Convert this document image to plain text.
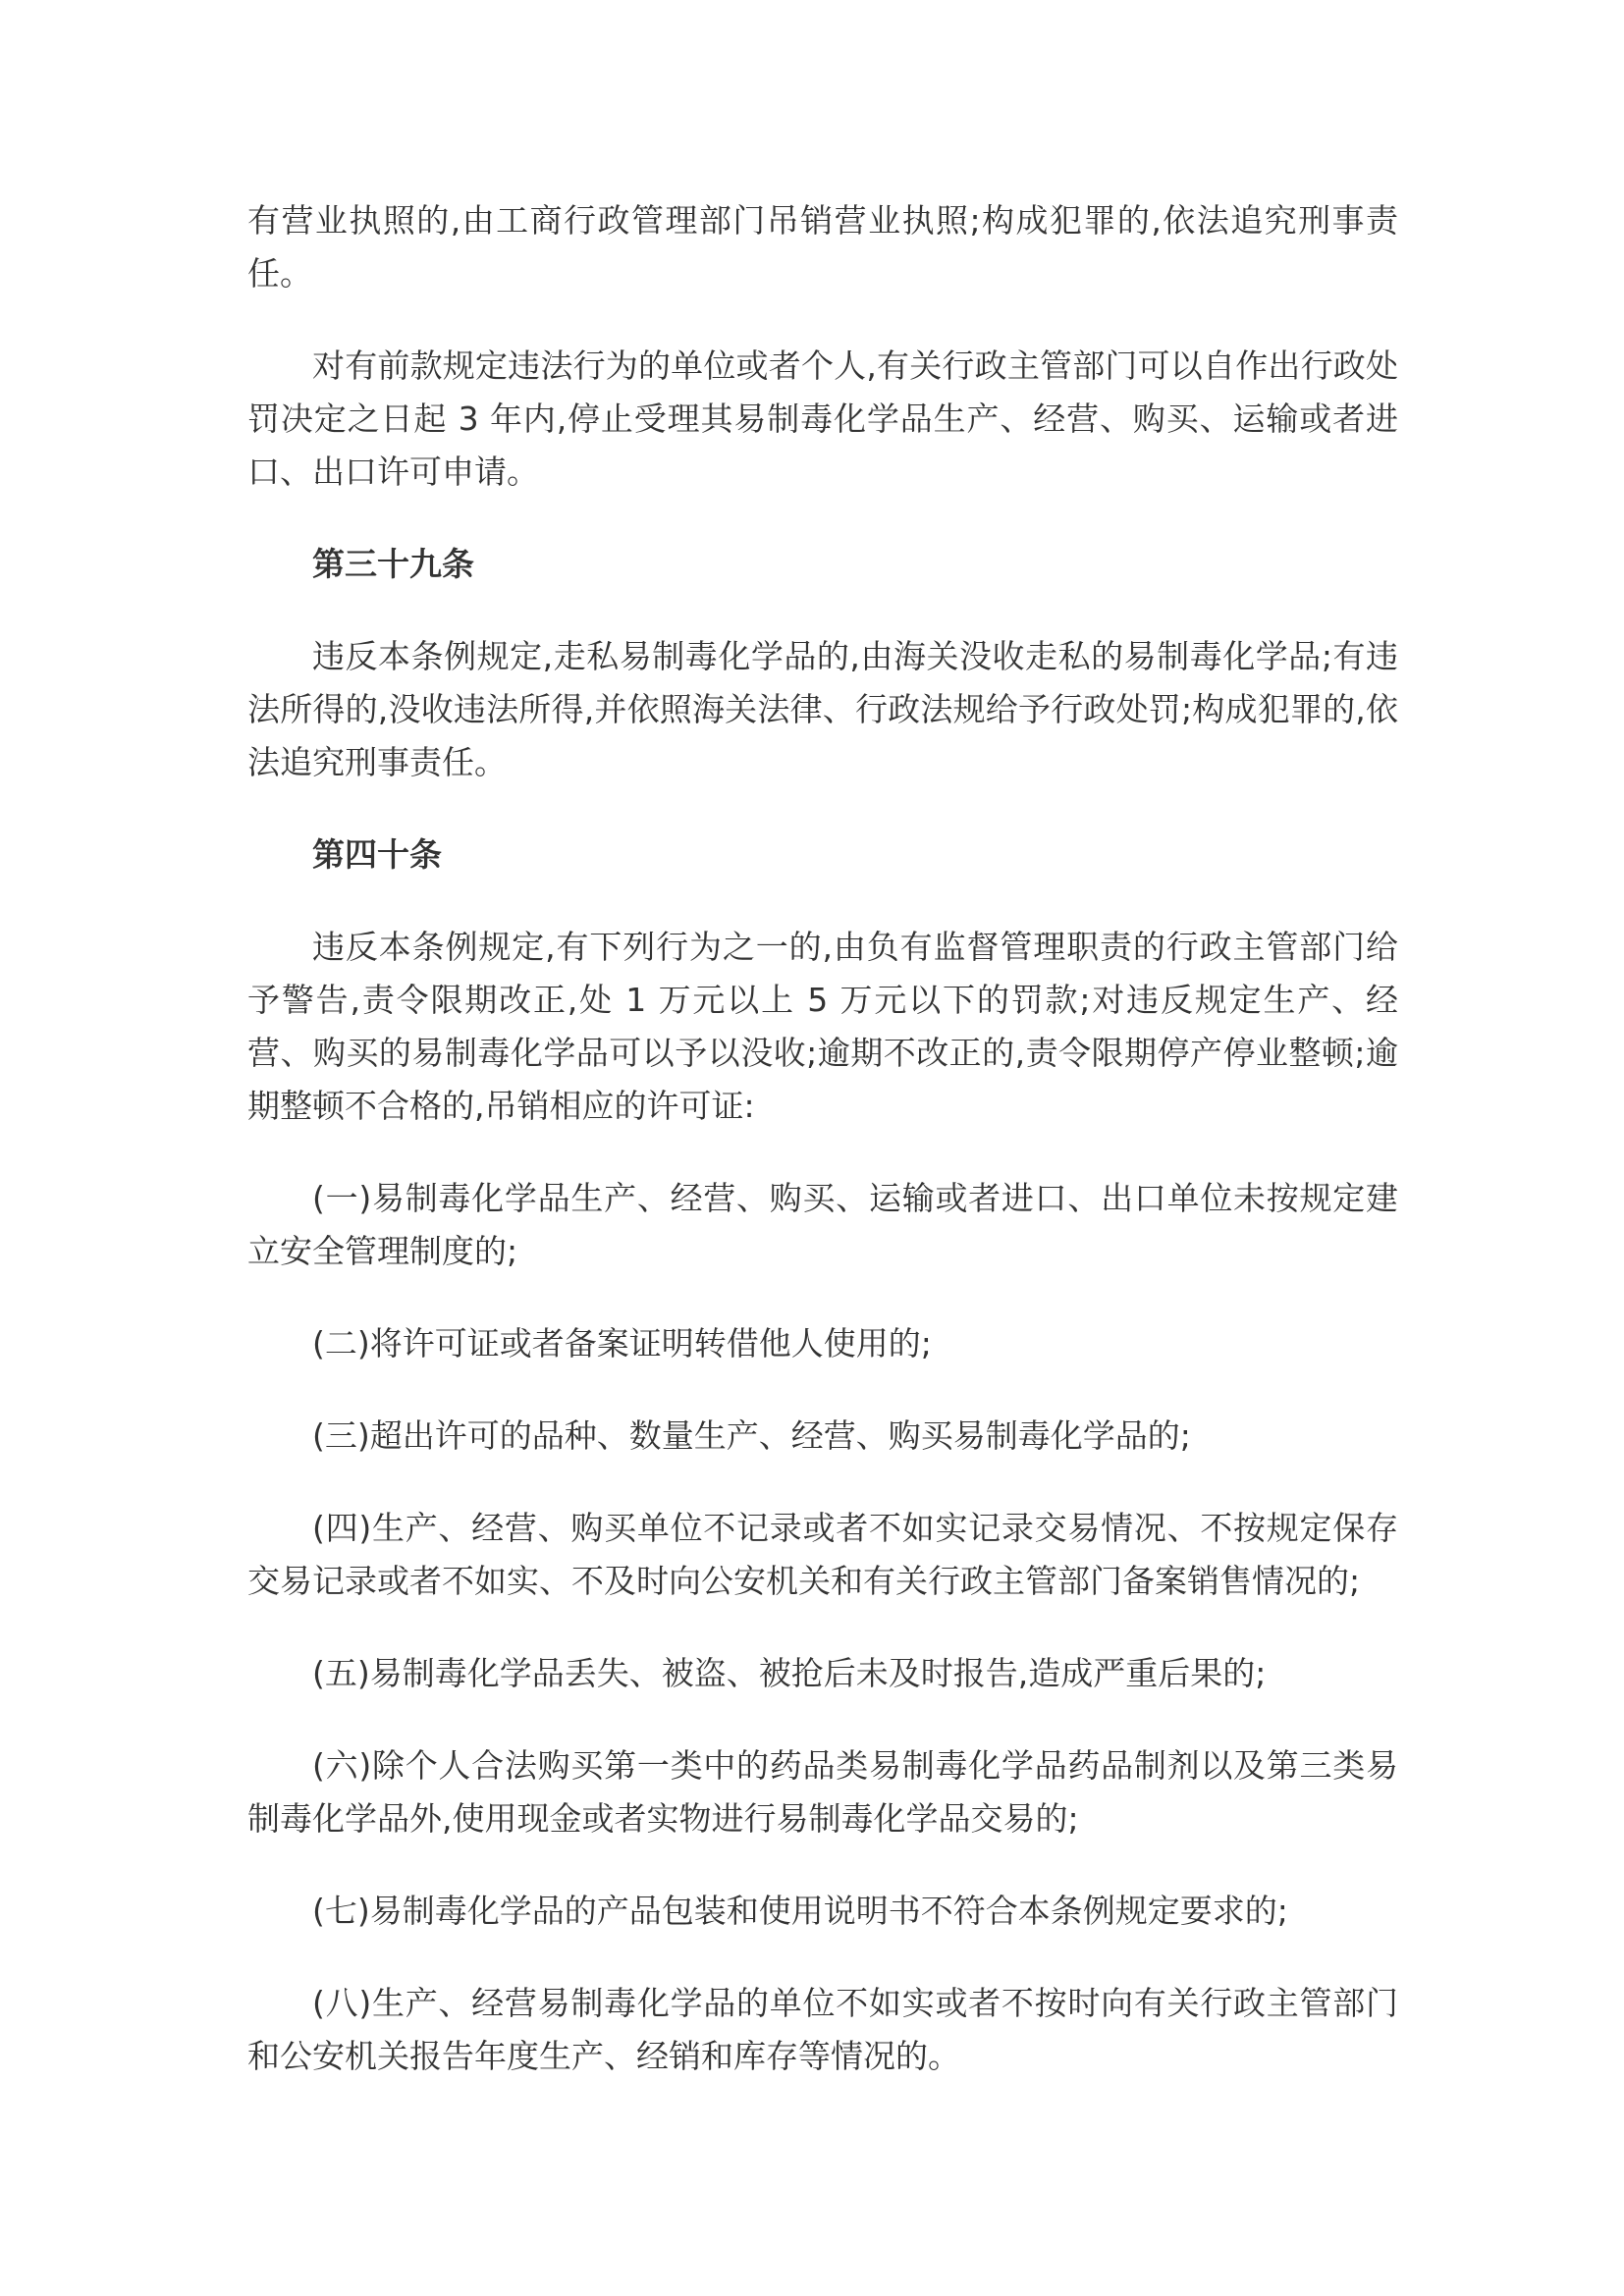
有营业执照的,由工商行政管理部门吊销营业执照;构成犯罪的,依法追究刑事责任。

对有前款规定违法行为的单位或者个人,有关行政主管部门可以自作出行政处罚决定之日起 3 年内,停止受理其易制毒化学品生产、经营、购买、运输或者进口、出口许可申请。

第三十九条

违反本条例规定,走私易制毒化学品的,由海关没收走私的易制毒化学品;有违法所得的,没收违法所得,并依照海关法律、行政法规给予行政处罚;构成犯罪的,依法追究刑事责任。

第四十条

违反本条例规定,有下列行为之一的,由负有监督管理职责的行政主管部门给予警告,责令限期改正,处 1 万元以上 5 万元以下的罚款;对违反规定生产、经营、购买的易制毒化学品可以予以没收;逾期不改正的,责令限期停产停业整顿;逾期整顿不合格的,吊销相应的许可证:

(一)易制毒化学品生产、经营、购买、运输或者进口、出口单位未按规定建立安全管理制度的;

(二)将许可证或者备案证明转借他人使用的;

(三)超出许可的品种、数量生产、经营、购买易制毒化学品的;

(四)生产、经营、购买单位不记录或者不如实记录交易情况、不按规定保存交易记录或者不如实、不及时向公安机关和有关行政主管部门备案销售情况的;

(五)易制毒化学品丢失、被盗、被抢后未及时报告,造成严重后果的;

(六)除个人合法购买第一类中的药品类易制毒化学品药品制剂以及第三类易制毒化学品外,使用现金或者实物进行易制毒化学品交易的;

(七)易制毒化学品的产品包装和使用说明书不符合本条例规定要求的;

(八)生产、经营易制毒化学品的单位不如实或者不按时向有关行政主管部门和公安机关报告年度生产、经销和库存等情况的。
